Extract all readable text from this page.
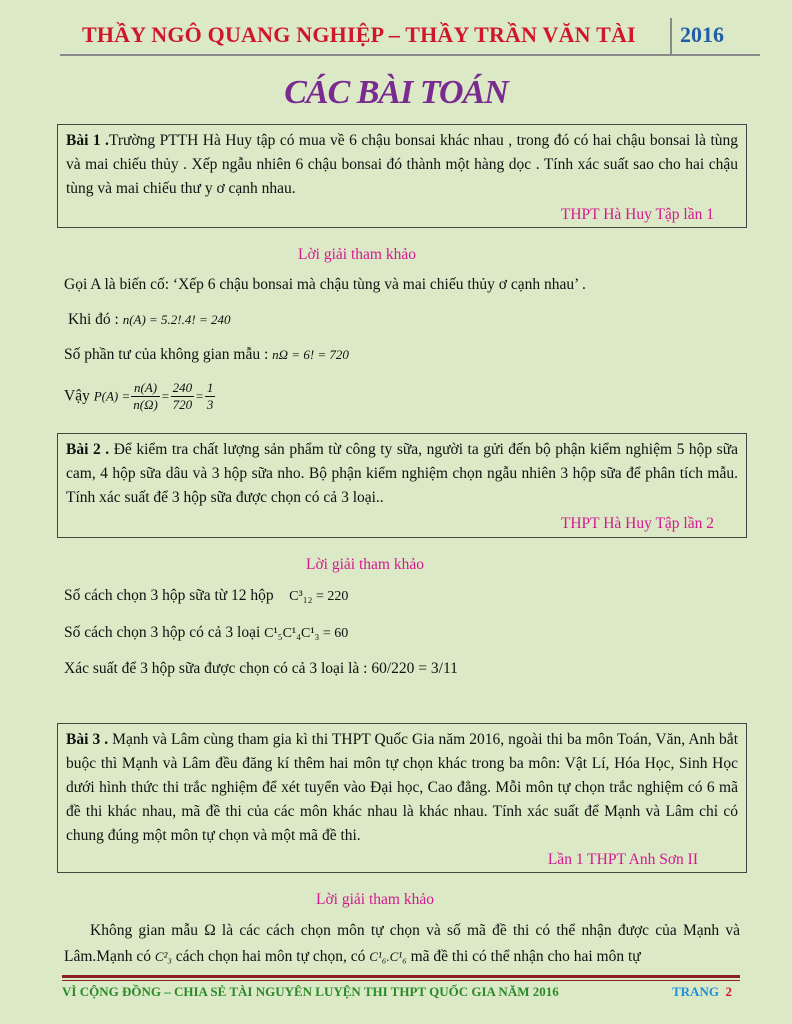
THẦY NGÔ QUANG NGHIỆP – THẦY TRẦN VĂN TÀI 2016
CÁC BÀI TOÁN
Bài 1 .Trường PTTH Hà Huy tập có mua về 6 chậu bonsai khác nhau , trong đó có hai chậu bonsai là tùng và mai chiếu thủy . Xếp ngẫu nhiên 6 chậu bonsai đó thành một hàng dọc . Tính xác suất sao cho hai chậu tùng và mai chiếu thư y ơ cạnh nhau.
THPT Hà Huy Tập lần 1
Lời giải tham khảo
Gọi A là biến cố: ‘Xếp 6 chậu bonsai mà chậu tùng và mai chiếu thủy ơ cạnh nhau’ .
Khi đó : n(A) = 5.2!.4! = 240
Số phần tư của không gian mẫu : nΩ = 6! = 720
Vậy $P(A) = \frac{n(A)}{n(\Omega)} = \frac{240}{720} = \frac{1}{3}$
Bài 2 . Để kiểm tra chất lượng sản phẩm từ công ty sữa, người ta gửi đến bộ phận kiểm nghiệm 5 hộp sữa cam, 4 hộp sữa dâu và 3 hộp sữa nho. Bộ phận kiểm nghiệm chọn ngẫu nhiên 3 hộp sữa để phân tích mẫu. Tính xác suất để 3 hộp sữa được chọn có cả 3 loại..
THPT Hà Huy Tập lần 2
Lời giải tham khảo
Số cách chọn 3 hộp sữa từ 12 hộp C³₁₂ = 220
Số cách chọn 3 hộp có cả 3 loại C¹₅C¹₄C¹₃ = 60
Xác suất để 3 hộp sữa được chọn có cả 3 loại là : 60/220 = 3/11
Bài 3 . Mạnh và Lâm cùng tham gia kì thi THPT Quốc Gia năm 2016, ngoài thi ba môn Toán, Văn, Anh bắt buộc thì Mạnh và Lâm đều đăng kí thêm hai môn tự chọn khác trong ba môn: Vật Lí, Hóa Học, Sinh Học dưới hình thức thi trắc nghiệm để xét tuyển vào Đại học, Cao đẳng. Mỗi môn tự chọn trắc nghiệm có 6 mã đề thi khác nhau, mã đề thi của các môn khác nhau là khác nhau. Tính xác suất để Mạnh và Lâm chỉ có chung đúng một môn tự chọn và một mã đề thi.
Lần 1 THPT Anh Sơn II
Lời giải tham khảo
Không gian mẫu Ω là các cách chọn môn tự chọn và số mã đề thi có thể nhận được của Mạnh và Lâm.Mạnh có C²₃ cách chọn hai môn tự chọn, có C¹₆.C¹₆ mã đề thi có thể nhận cho hai môn tự
VÌ CỘNG ĐỒNG – CHIA SẺ TÀI NGUYÊN LUYỆN THI THPT QUỐC GIA NĂM 2016	TRANG 2
